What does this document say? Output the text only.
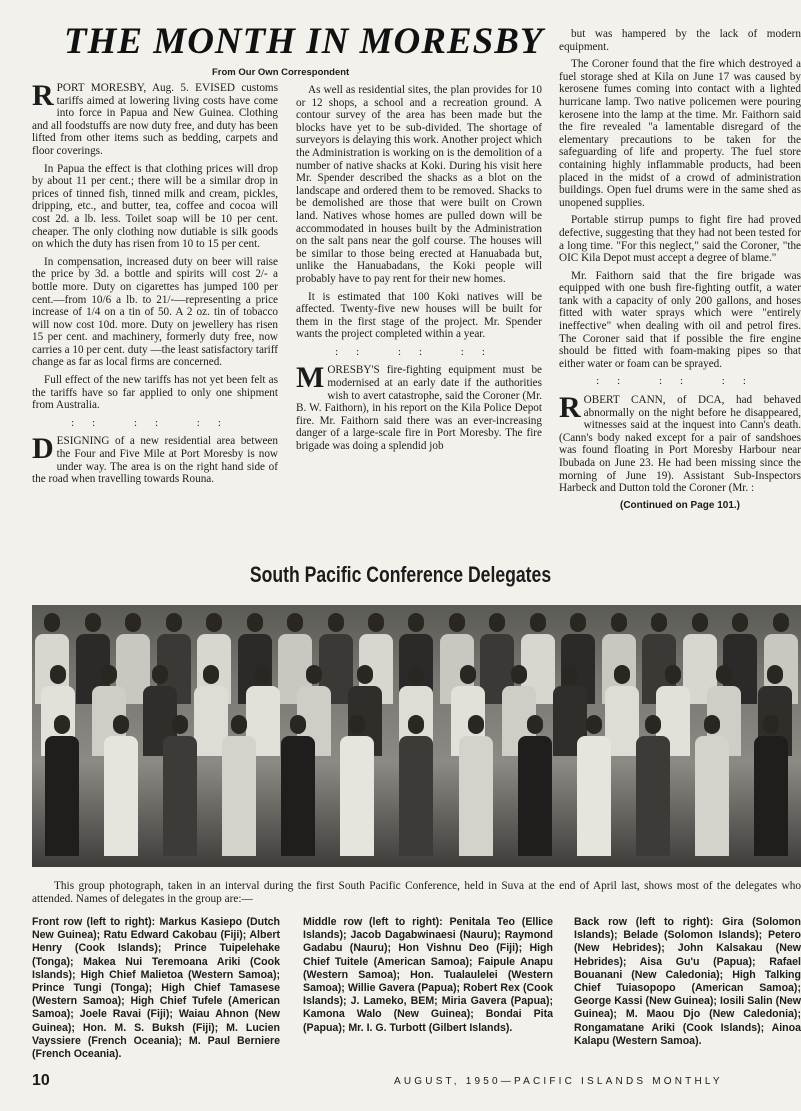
THE MONTH IN MORESBY
From Our Own Correspondent

RPORT MORESBY, Aug. 5. EVISED customs tariffs aimed at lowering living costs have come into force in Papua and New Guinea. Clothing and all foodstuffs are now duty free, and duty has been lifted from other items such as bedding, carpets and floor coverings.

In Papua the effect is that clothing prices will drop by about 11 per cent.; there will be a similar drop in prices of tinned fish, tinned milk and cream, pickles, dripping, etc., and butter, tea, coffee and cocoa will cost 2d. a lb. less. Toilet soap will be 10 per cent. cheaper. The only clothing now dutiable is silk goods on which the duty has risen from 10 to 15 per cent.

In compensation, increased duty on beer will raise the price by 3d. a bottle and spirits will cost 2/- a bottle more. Duty on cigarettes has jumped 100 per cent.—from 10/6 a lb. to 21/-—representing a price increase of 1/4 on a tin of 50. A 2 oz. tin of tobacco will now cost 10d. more. Duty on jewellery has risen 15 per cent. and machinery, formerly duty free, now carries a 10 per cent. duty —the least satisfactory tariff change as far as local firms are concerned.

Full effect of the new tariffs has not yet been felt as the tariffs have so far applied to only one shipment from Australia.

:: :: ::

DESIGNING of a new residential area between the Four and Five Mile at Port Moresby is now under way. The area is on the right hand side of the road when travelling towards Rouna.

As well as residential sites, the plan provides for 10 or 12 shops, a school and a recreation ground. A contour survey of the area has been made but the blocks have yet to be sub-divided. The shortage of surveyors is delaying this work. Another project which the Administration is working on is the demolition of a number of native shacks at Koki. During his visit here Mr. Spender described the shacks as a blot on the landscape and ordered them to be removed. Shacks to be demolished are those that were built on Crown land. Natives whose homes are pulled down will be accommodated in houses built by the Administration on the salt pans near the golf course. The houses will be similar to those being erected at Hanuabada but, unlike the Hanuabadans, the Koki people will probably have to pay rent for their new homes.

It is estimated that 100 Koki natives will be affected. Twenty-five new houses will be built for them in the first stage of the project. Mr. Spender wants the project completed within a year.

:: :: ::

MORESBY'S fire-fighting equipment must be modernised at an early date if the authorities wish to avert catastrophe, said the Coroner (Mr. B. W. Faithorn), in his report on the Kila Police Depot fire. Mr. Faithorn said there was an ever-increasing danger of a large-scale fire in Port Moresby. The fire brigade was doing a splendid job

but was hampered by the lack of modern equipment.

The Coroner found that the fire which destroyed a fuel storage shed at Kila on June 17 was caused by kerosene fumes coming into contact with a lighted hurricane lamp. Two native policemen were pouring kerosene into the lamp at the time. Mr. Faithorn said the fire revealed "a lamentable disregard of the elementary precautions to be taken for the safeguarding of life and property. The fuel store containing highly inflammable products, had been placed in the midst of a crowd of administration buildings. Open fuel drums were in the same shed as unopened supplies.

Portable stirrup pumps to fight fire had proved defective, suggesting that they had not been tested for a long time. "For this neglect," said the Coroner, "the OIC Kila Depot must accept a degree of blame."

Mr. Faithorn said that the fire brigade was equipped with one bush fire-fighting outfit, a water tank with a capacity of only 200 gallons, and hoses fitted with water sprays which were "entirely ineffective" when dealing with oil and petrol fires. The Coroner said that if possible the fire engine should be fitted with foam-making pipes so that either water or foam can be sprayed.

:: :: ::

ROBERT CANN, of DCA, had behaved abnormally on the night before he disappeared, witnesses said at the inquest into Cann's death. (Cann's body naked except for a pair of sandshoes was found floating in Port Moresby Harbour near Ibubada on June 23. He had been missing since the morning of June 19). Assistant Sub-Inspectors Harbeck and Dutton told the Coroner (Mr. :

(Continued on Page 101.)

South Pacific Conference Delegates
This group photograph, taken in an interval during the first South Pacific Conference, held in Suva at the end of April last, shows most of the delegates who attended. Names of delegates in the group are:—
Front row (left to right): Markus Kasiepo (Dutch New Guinea); Ratu Edward Cakobau (Fiji); Albert Henry (Cook Islands); Prince Tuipelehake (Tonga); Makea Nui Teremoana Ariki (Cook Islands); High Chief Malietoa (Western Samoa); Prince Tungi (Tonga); High Chief Tamasese (Western Samoa); High Chief Tufele (American Samoa); Joele Ravai (Fiji); Waiau Ahnon (New Guinea); Hon. M. S. Buksh (Fiji); M. Lucien Vayssiere (French Oceania); M. Paul Berniere (French Oceania).
Middle row (left to right): Penitala Teo (Ellice Islands); Jacob Dagabwinaesi (Nauru); Raymond Gadabu (Nauru); Hon Vishnu Deo (Fiji); High Chief Tuitele (American Samoa); Faipule Anapu (Western Samoa); Hon. Tualaulelei (Western Samoa); Willie Gavera (Papua); Robert Rex (Cook Islands); J. Lameko, BEM; Miria Gavera (Papua); Kamona Walo (New Guinea); Bondai Pita (Papua); Mr. I. G. Turbott (Gilbert Islands).
Back row (left to right): Gira (Solomon Islands); Belade (Solomon Islands); Petero (New Hebrides); John Kalsakau (New Hebrides); Aisa Gu'u (Papua); Rafael Bouanani (New Caledonia); High Talking Chief Tuiasopopo (American Samoa); George Kassi (New Guinea); Iosili Salin (New Guinea); M. Maou Djo (New Caledonia); Rongamatane Ariki (Cook Islands); Ainoa Kalapu (Western Samoa).
10	AUGUST, 1950—PACIFIC ISLANDS MONTHLY
